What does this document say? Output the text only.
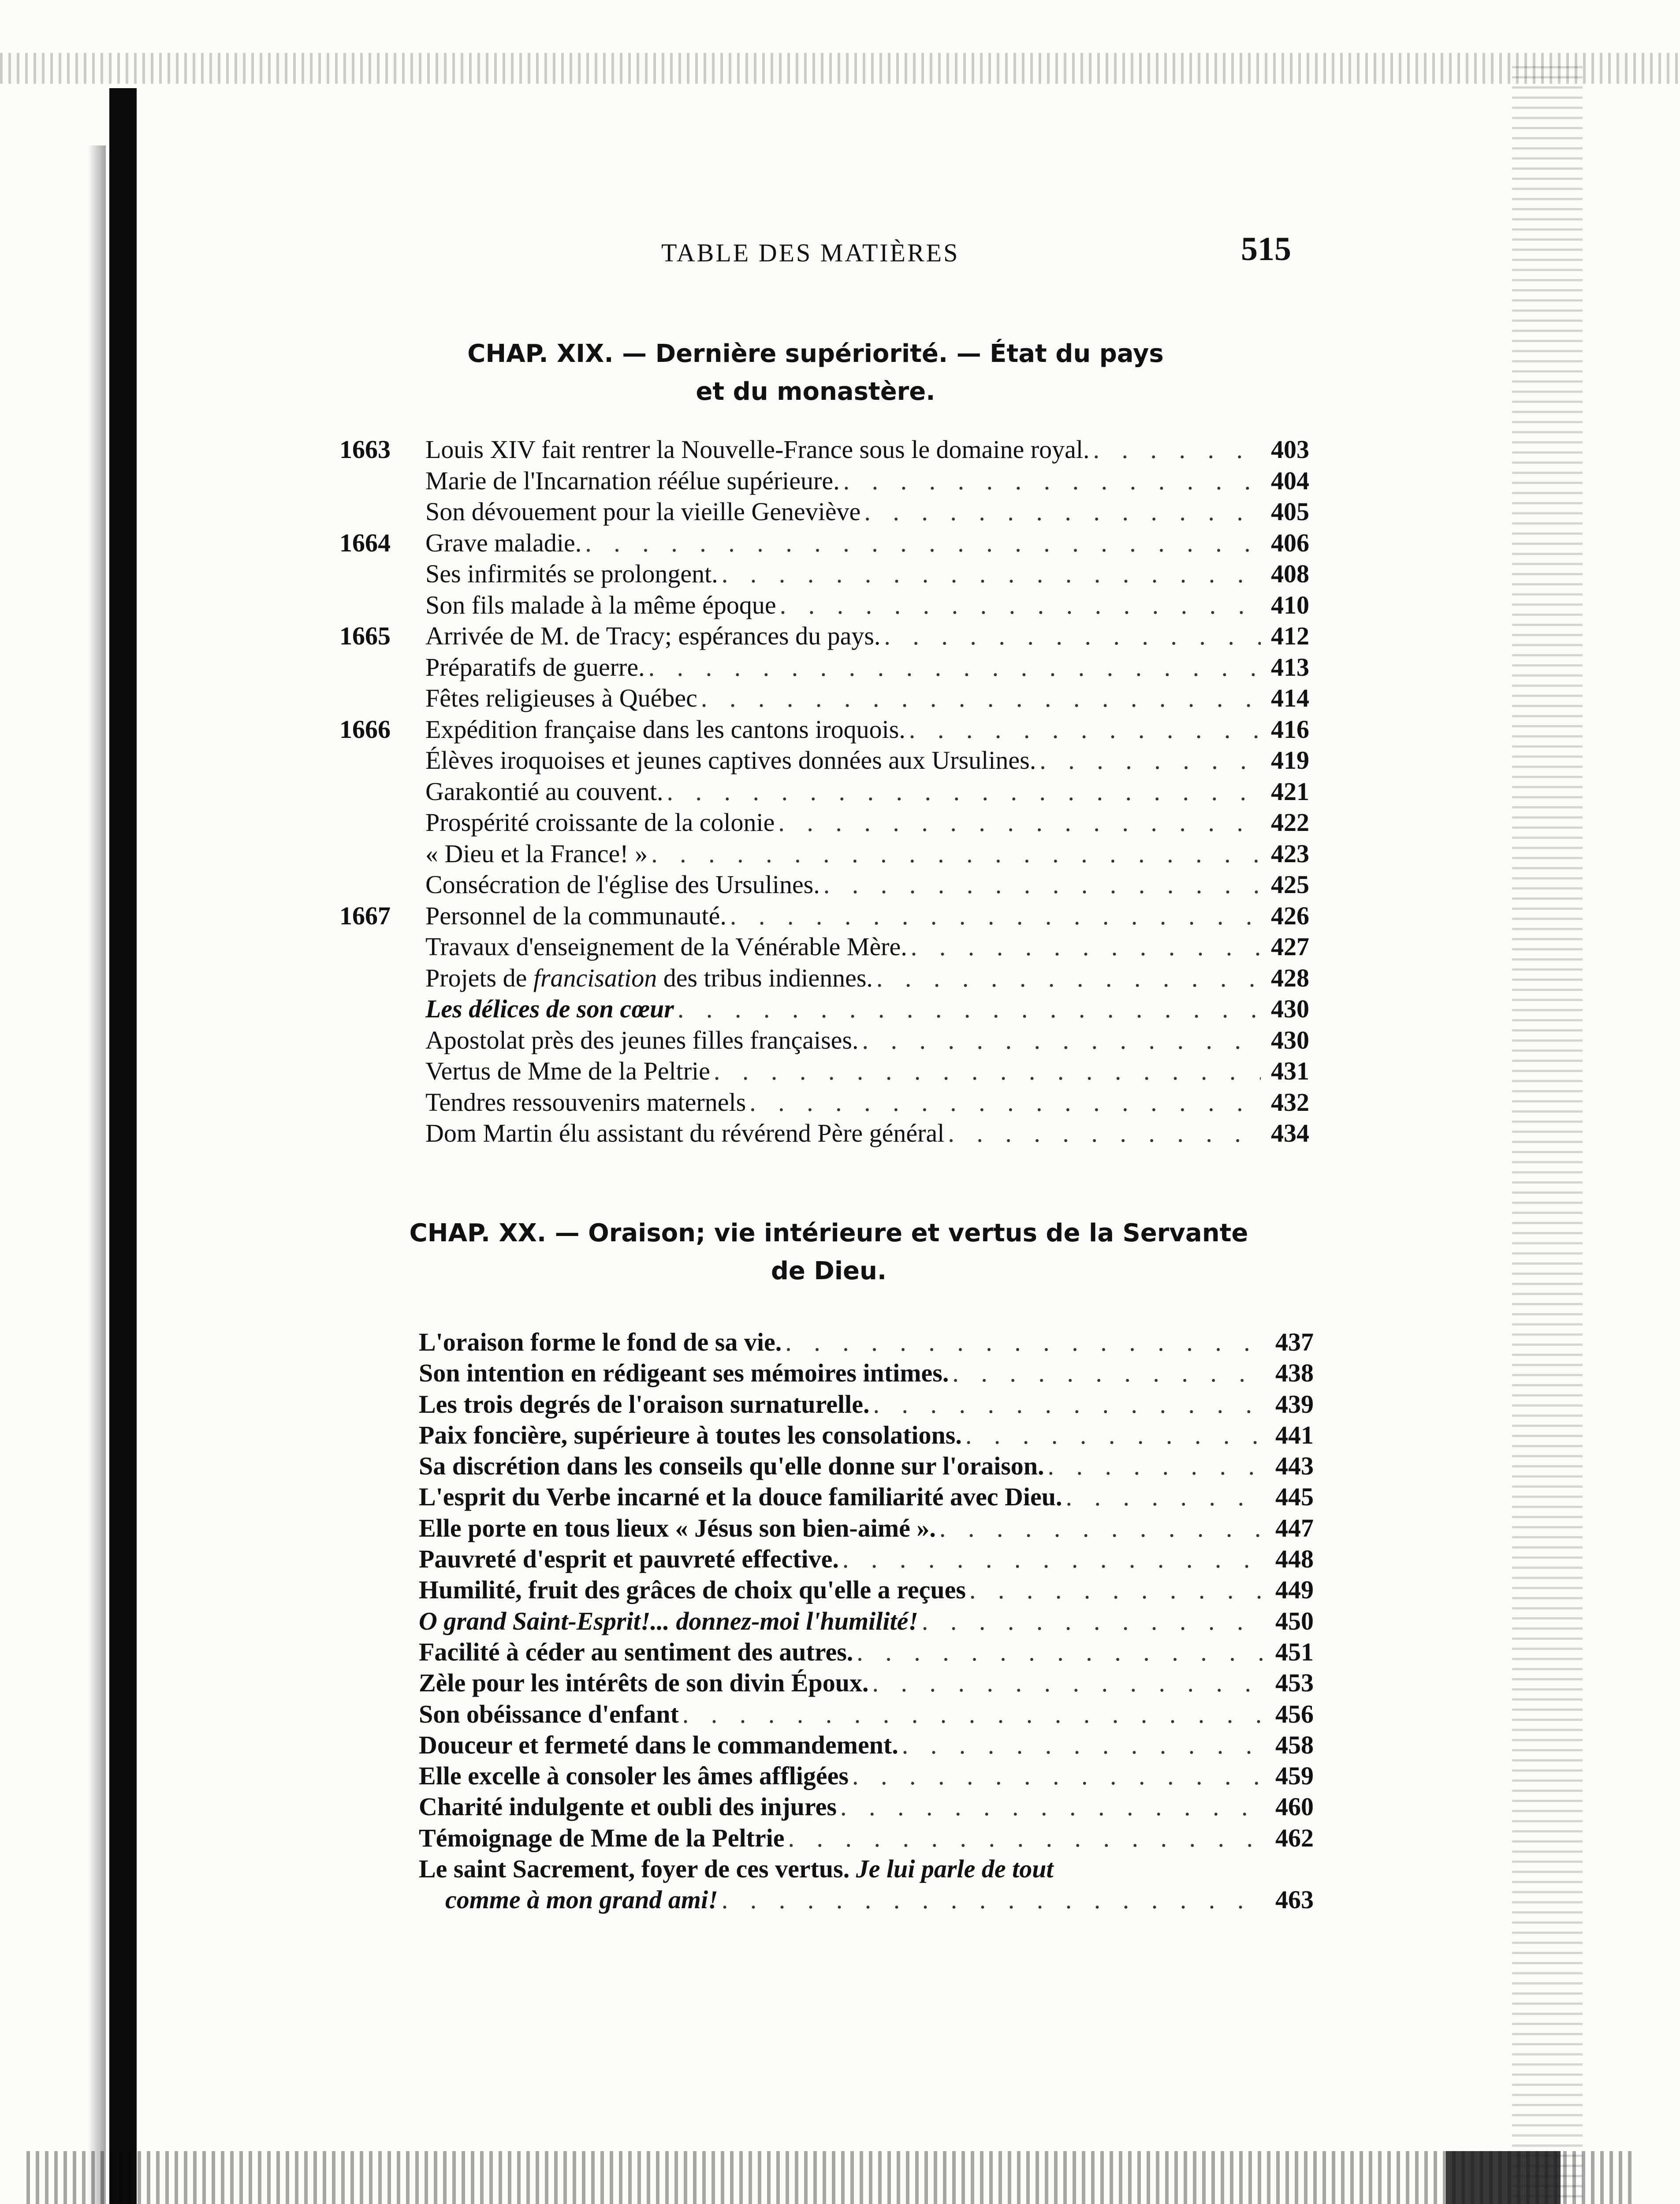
TABLE DES MATIÈRES	515
CHAP. XIX. — Dernière supériorité. — État du pays
et du monastère.
1663 Louis XIV fait rentrer la Nouvelle-France sous le domaine royal. . . .	403
Marie de l'Incarnation réélue supérieure. . . .	404
Son dévouement pour la vieille Geneviève . . .	405
1664 Grave maladie. . . .	406
Ses infirmités se prolongent. . . .	408
Son fils malade à la même époque . . .	410
1665 Arrivée de M. de Tracy; espérances du pays. . . .	412
Préparatifs de guerre. . . .	413
Fêtes religieuses à Québec . . .	414
1666 Expédition française dans les cantons iroquois. . . .	416
Élèves iroquoises et jeunes captives données aux Ursulines. . . .	419
Garakontié au couvent. . . .	421
Prospérité croissante de la colonie . . .	422
« Dieu et la France! » . . .	423
Consécration de l'église des Ursulines. . . .	425
1667 Personnel de la communauté. . . .	426
Travaux d'enseignement de la Vénérable Mère. . . .	427
Projets de francisation des tribus indiennes. . . .	428
Les délices de son cœur . . .	430
Apostolat près des jeunes filles françaises. . . .	430
Vertus de Mme de la Peltrie . . .	431
Tendres ressouvenirs maternels . . .	432
Dom Martin élu assistant du révérend Père général . . .	434
CHAP. XX. — Oraison; vie intérieure et vertus de la Servante
de Dieu.
L'oraison forme le fond de sa vie. . . .	437
Son intention en rédigeant ses mémoires intimes. . . .	438
Les trois degrés de l'oraison surnaturelle. . . .	439
Paix foncière, supérieure à toutes les consolations. . . .	441
Sa discrétion dans les conseils qu'elle donne sur l'oraison. . . .	443
L'esprit du Verbe incarné et la douce familiarité avec Dieu. . . .	445
Elle porte en tous lieux « Jésus son bien-aimé ». . . .	447
Pauvreté d'esprit et pauvreté effective. . . .	448
Humilité, fruit des grâces de choix qu'elle a reçues . . .	449
O grand Saint-Esprit!... donnez-moi l'humilité! . . .	450
Facilité à céder au sentiment des autres. . . .	451
Zèle pour les intérêts de son divin Époux. . . .	453
Son obéissance d'enfant . . .	456
Douceur et fermeté dans le commandement. . . .	458
Elle excelle à consoler les âmes affligées . . .	459
Charité indulgente et oubli des injures . . .	460
Témoignage de Mme de la Peltrie . . .	462
Le saint Sacrement, foyer de ces vertus. Je lui parle de tout
comme à mon grand ami! . . .	463
